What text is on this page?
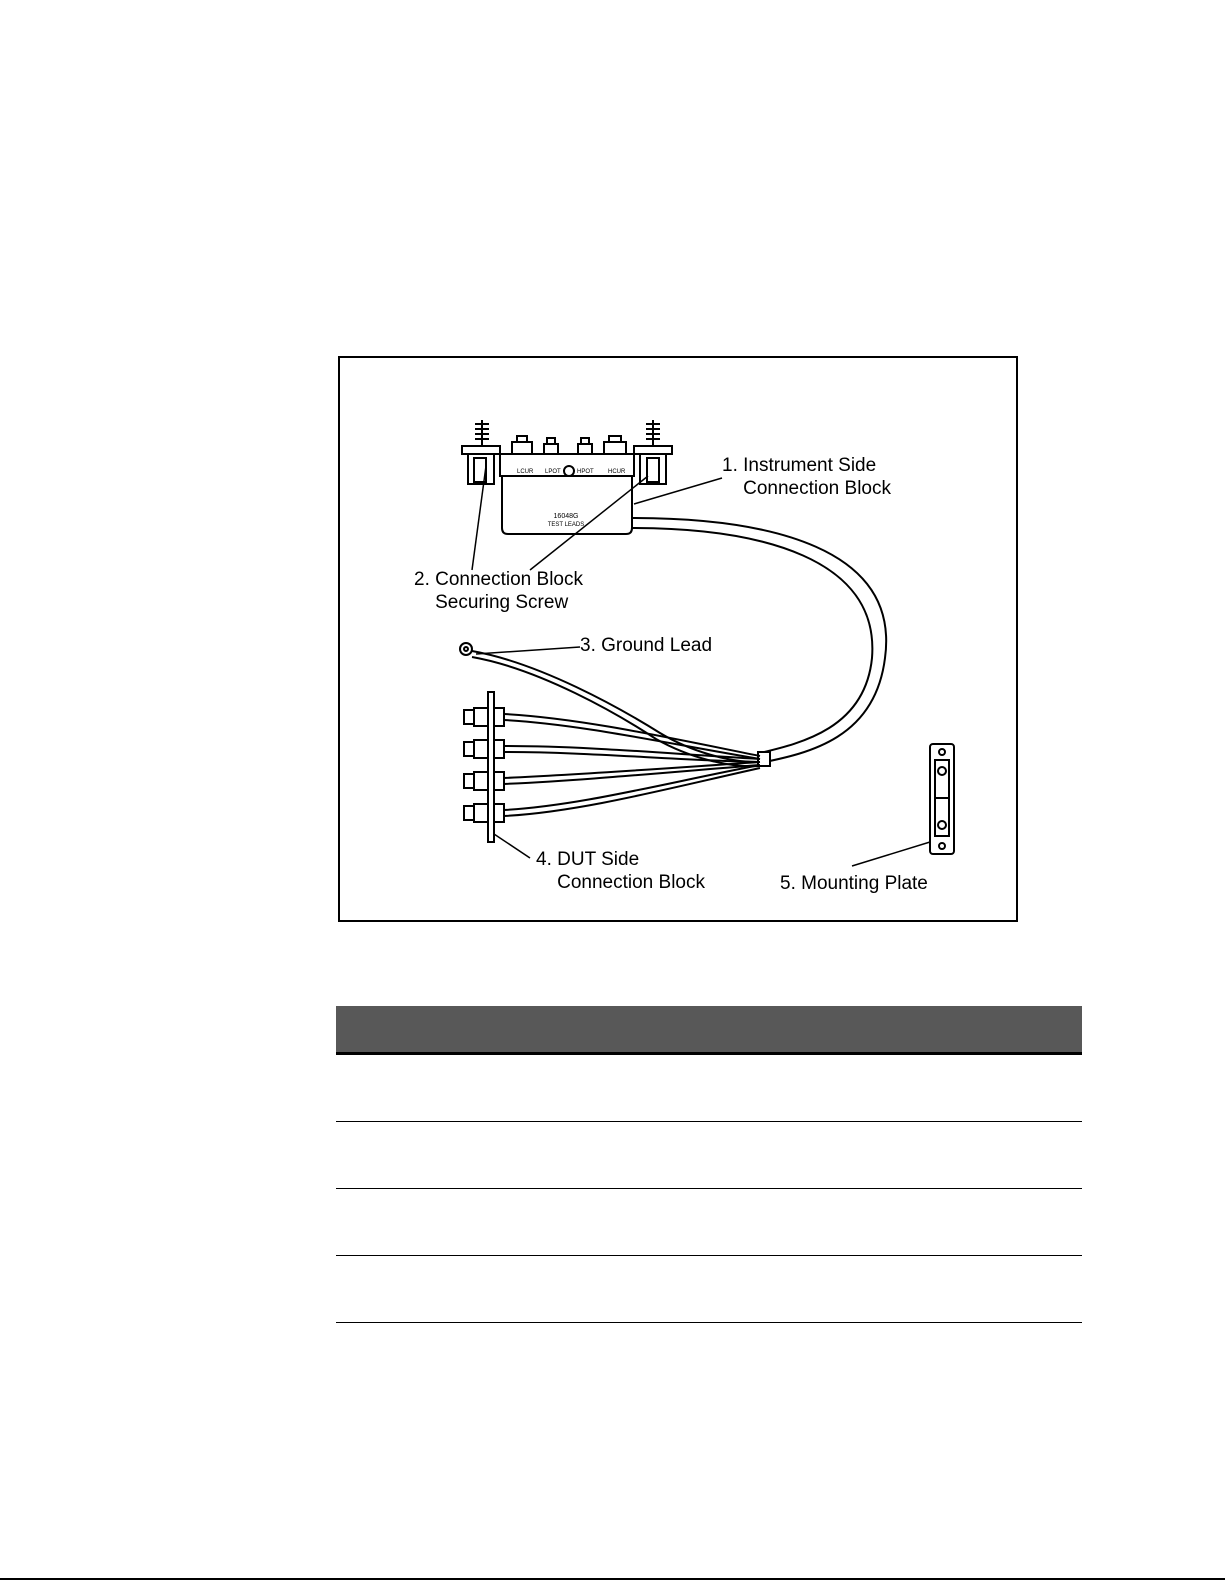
LCUR LPOT	HPOT HCUR
16048G
TEST LEADS
1. Instrument Side
Connection Block
2. Connection Block
Securing Screw
3. Ground Lead
4. DUT Side
Connection Block	5. Mounting Plate
